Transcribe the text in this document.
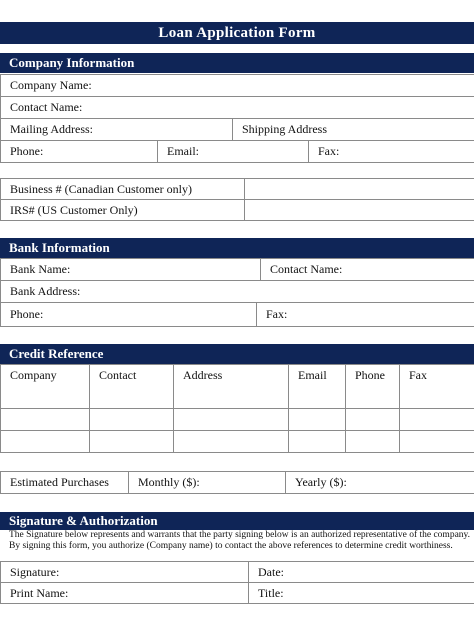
Loan Application Form
Company Information
Company Name:			
Contact Name:			
Mailing Address:		Shipping Address	
Phone:	Email:		Fax:
Business # (Canadian Customer only)	
IRS# (US Customer Only)	
Bank Information
Bank Name:		Contact Name:
Bank Address:		
Phone:	Fax:	
Credit Reference
Company	Contact	Address	Email	Phone	Fax

Estimated Purchases	Monthly ($):	Yearly ($):
Signature & Authorization
The Signature below represents and warrants that the party signing below is an authorized representative of the company. By signing this form, you authorize (Company name) to contact the above references to determine credit worthiness.
Signature:	Date:
Print Name:	Title:
